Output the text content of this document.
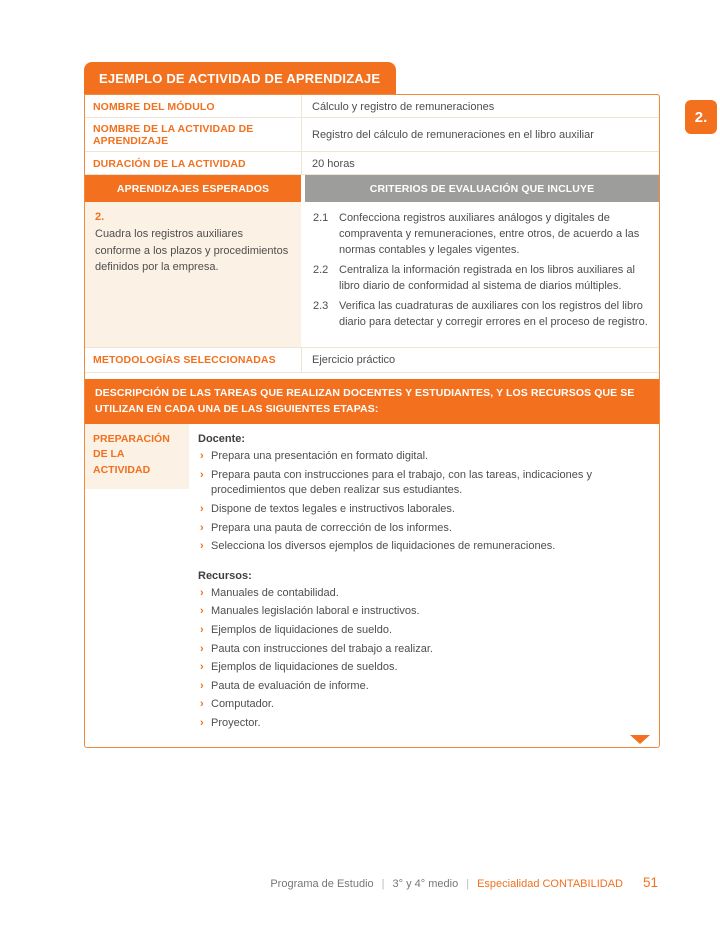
2.
EJEMPLO DE ACTIVIDAD DE APRENDIZAJE
NOMBRE DEL MÓDULO	Cálculo y registro de remuneraciones
NOMBRE DE LA ACTIVIDAD DE APRENDIZAJE	Registro del cálculo de remuneraciones en el libro auxiliar
DURACIÓN DE LA ACTIVIDAD	20 horas
APRENDIZAJES ESPERADOS	CRITERIOS DE EVALUACIÓN QUE INCLUYE
2.
Cuadra los registros auxiliares conforme a los plazos y procedimientos definidos por la empresa.
2.1 Confecciona registros auxiliares análogos y digitales de compraventa y remuneraciones, entre otros, de acuerdo a las normas contables y legales vigentes.
2.2 Centraliza la información registrada en los libros auxiliares al libro diario de conformidad al sistema de diarios múltiples.
2.3 Verifica las cuadraturas de auxiliares con los registros del libro diario para detectar y corregir errores en el proceso de registro.
METODOLOGÍAS SELECCIONADAS	Ejercicio práctico
DESCRIPCIÓN DE LAS TAREAS QUE REALIZAN DOCENTES Y ESTUDIANTES, Y LOS RECURSOS QUE SE UTILIZAN EN CADA UNA DE LAS SIGUIENTES ETAPAS:
PREPARACIÓN DE LA ACTIVIDAD
Docente:
› Prepara una presentación en formato digital.
› Prepara pauta con instrucciones para el trabajo, con las tareas, indicaciones y procedimientos que deben realizar sus estudiantes.
› Dispone de textos legales e instructivos laborales.
› Prepara una pauta de corrección de los informes.
› Selecciona los diversos ejemplos de liquidaciones de remuneraciones.
Recursos:
› Manuales de contabilidad.
› Manuales legislación laboral e instructivos.
› Ejemplos de liquidaciones de sueldo.
› Pauta con instrucciones del trabajo a realizar.
› Ejemplos de liquidaciones de sueldos.
› Pauta de evaluación de informe.
› Computador.
› Proyector.
Programa de Estudio | 3° y 4° medio | Especialidad CONTABILIDAD 51
